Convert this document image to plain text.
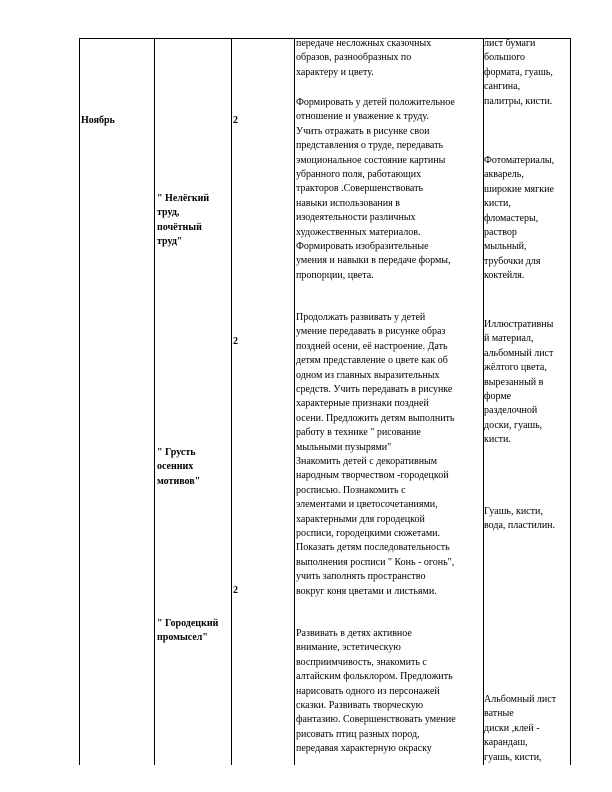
Ноябрь
" Нелёгкий
труд,
почётный
труд"
" Грусть
осенних
мотивов"
" Городецкий
промысел"
2
2
2
передаче несложных сказочных
образов, разнообразных по
характеру и цвету.
Формировать у детей положительное
отношение и уважение к труду.
Учить отражать в рисунке свои
представления о труде, передавать
эмоциональное состояние картины
убранного поля, работающих
тракторов .Совершенствовать
навыки использования в
изодеятельности различных
художественных материалов.
Формировать изобразительные
умения и навыки в передаче формы,
пропорции, цвета.
Продолжать развивать у детей
умение передавать в рисунке образ
поздней осени, её настроение. Дать
детям представление о цвете как об
одном из главных выразительных
средств. Учить передавать в рисунке
характерные признаки поздней
осени. Предложить детям выполнить
работу в технике " рисование
мыльными пузырями"
Знакомить детей с декоративным
народным творчеством -городецкой
росписью. Познакомить с
элементами и цветосочетаниями,
характерными для городецкой
росписи, городецкими сюжетами.
Показать детям последовательность
выполнения росписи " Конь - огонь",
учить заполнять пространство
вокруг коня цветами и листьями.
Развивать в детях активное
внимание, эстетическую
восприимчивость, знакомить с
алтайским фольклором. Предложить
нарисовать одного из персонажей
сказки. Развивать творческую
фантазию. Совершенствовать умение
рисовать птиц разных пород,
передавая характерную окраску
лист бумаги
большого
формата, гуашь,
сангина,
палитры, кисти.
Фотоматериалы,
акварель,
широкие мягкие
кисти,
фломастеры,
раствор
мыльный,
трубочки для
коктейля.
Иллюстративны
й материал,
альбомный лист
жёлтого цвета,
вырезанный в
форме
разделочной
доски, гуашь,
кисти.
Гуашь, кисти,
вода, пластилин.
Альбомный лист
ватные
диски ,клей -
карандаш,
гуашь, кисти,
